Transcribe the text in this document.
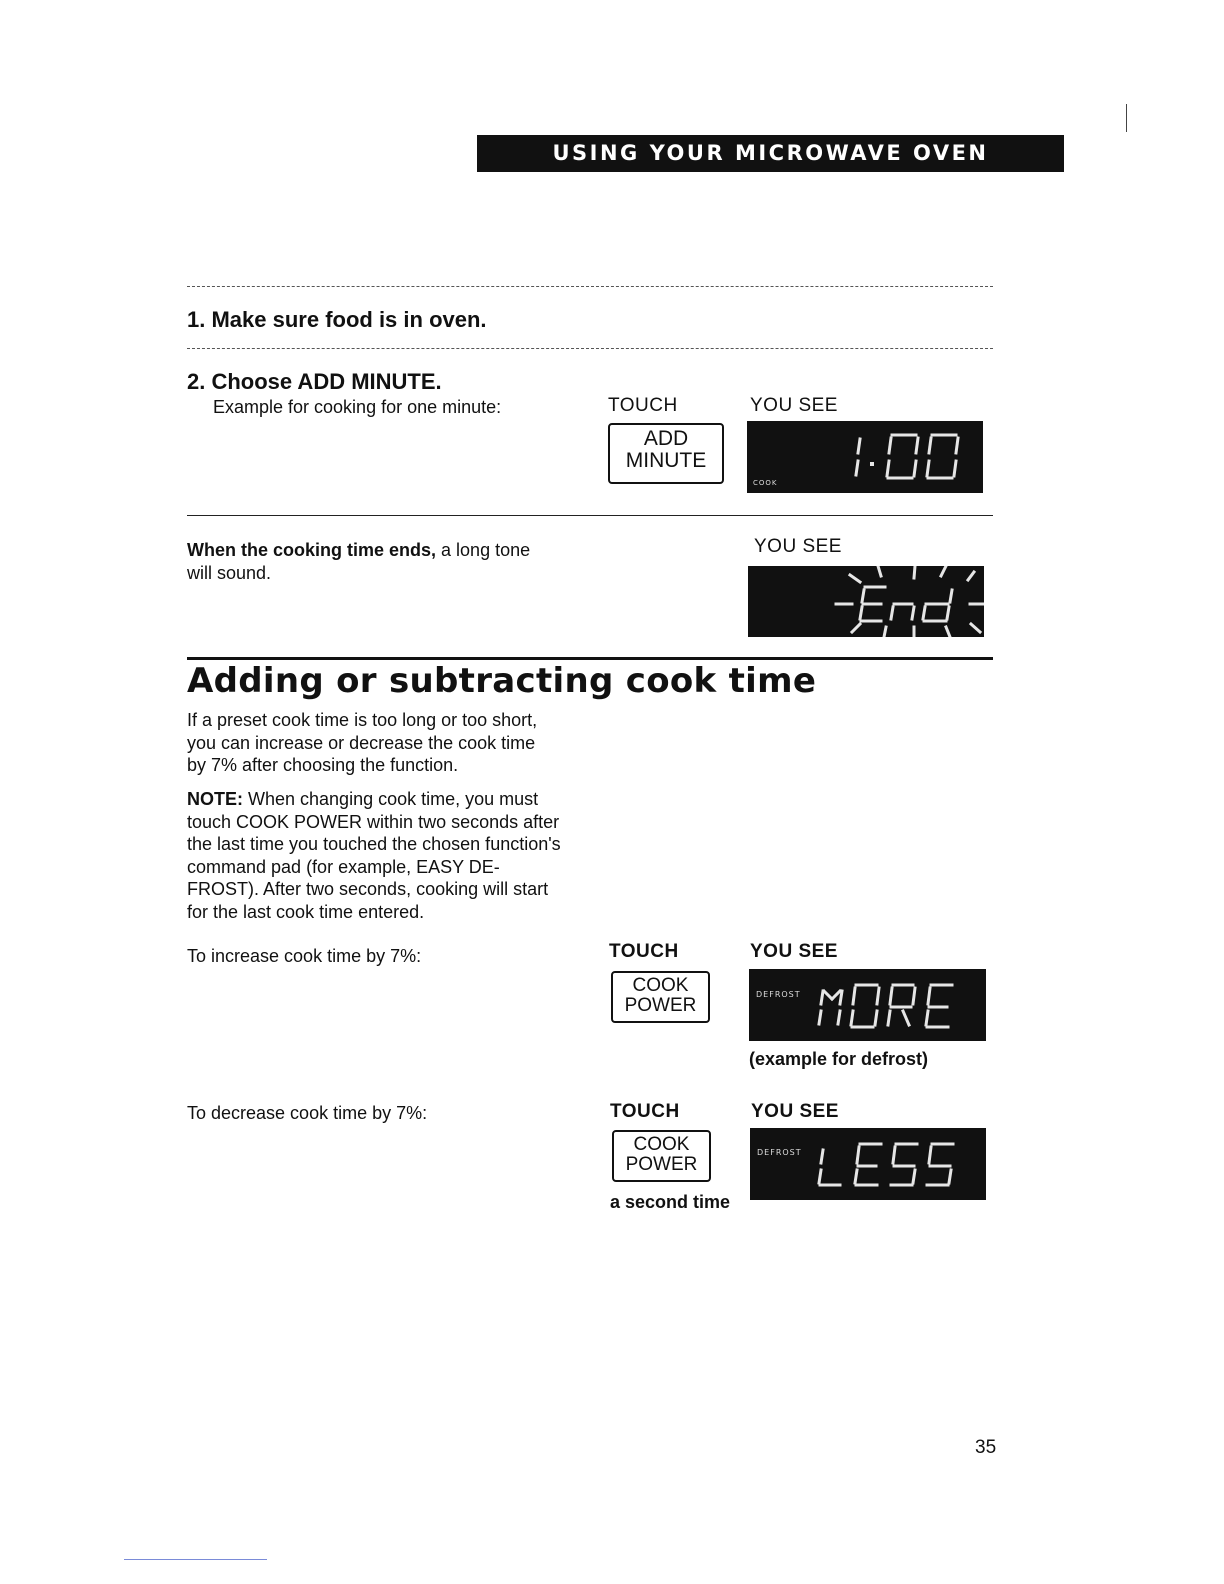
USING YOUR MICROWAVE OVEN
1. Make sure food is in oven.
2. Choose ADD MINUTE.
Example for cooking for one minute:	TOUCH	YOU SEE
ADD
MINUTE
COOK
When the cooking time ends, a long tone
will sound.
YOU SEE
Adding or subtracting cook time
If a preset cook time is too long or too short,
you can increase or decrease the cook time
by 7% after choosing the function.
NOTE: When changing cook time, you must
touch COOK POWER within two seconds after
the last time you touched the chosen function's
command pad (for example, EASY DE-
FROST). After two seconds, cooking will start
for the last cook time entered.
To increase cook time by 7%:	TOUCH	YOU SEE
COOK
POWER
DEFROST
(example for defrost)
To decrease cook time by 7%:	TOUCH	YOU SEE
COOK
POWER
a second time
DEFROST
35
